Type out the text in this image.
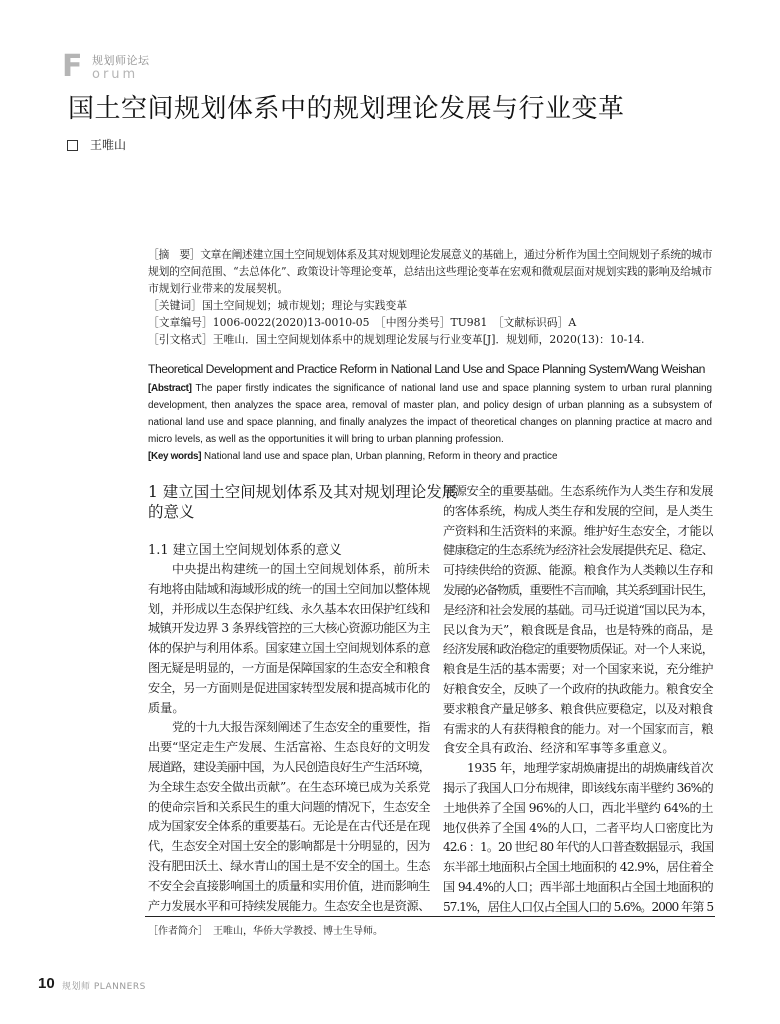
F 规划师论坛
orum
国土空间规划体系中的规划理论发展与行业变革
王唯山
［摘　要］文章在阐述建立国土空间规划体系及其对规划理论发展意义的基础上，通过分析作为国土空间规划子系统的城市
规划的空间范围、“去总体化”、政策设计等理论变革，总结出这些理论变革在宏观和微观层面对规划实践的影响及给城市
市规划行业带来的发展契机。
［关键词］国土空间规划；城市规划；理论与实践变革
［文章编号］1006-0022(2020)13-0010-05　［中图分类号］TU981　［文献标识码］A
［引文格式］王唯山．国土空间规划体系中的规划理论发展与行业变革[J]．规划师，2020(13)：10-14.
Theoretical Development and Practice Reform in National Land Use and Space Planning System/Wang Weishan
[Abstract] The paper firstly indicates the significance of national land use and space planning system to urban rural planning
development, then analyzes the space area, removal of master plan, and policy design of urban planning as a subsystem of
national land use and space planning, and finally analyzes the impact of theoretical changes on planning practice at macro and
micro levels, as well as the opportunities it will bring to urban planning profession.
[Key words] National land use and space plan, Urban planning, Reform in theory and practice
1 建立国土空间规划体系及其对规划理论发展
的意义
1.1 建立国土空间规划体系的意义
中央提出构建统一的国土空间规划体系，前所未
有地将由陆域和海域形成的统一的国土空间加以整体规
划，并形成以生态保护红线、永久基本农田保护红线和
城镇开发边界 3 条界线管控的三大核心资源功能区为主
体的保护与利用体系。国家建立国土空间规划体系的意
图无疑是明显的，一方面是保障国家的生态安全和粮食
安全，另一方面则是促进国家转型发展和提高城市化的
质量。
党的十九大报告深刻阐述了生态安全的重要性，指
出要“坚定走生产发展、生活富裕、生态良好的文明发
展道路，建设美丽中国，为人民创造良好生产生活环境，
为全球生态安全做出贡献”。在生态环境已成为关系党
的使命宗旨和关系民生的重大问题的情况下，生态安全
成为国家安全体系的重要基石。无论是在古代还是在现
代，生态安全对国土安全的影响都是十分明显的，因为
没有肥田沃土、绿水青山的国土是不安全的国土。生态
不安全会直接影响国土的质量和实用价值，进而影响生
产力发展水平和可持续发展能力。生态安全也是资源、
能源安全的重要基础。生态系统作为人类生存和发展
的客体系统，构成人类生存和发展的空间，是人类生
产资料和生活资料的来源。维护好生态安全，才能以
健康稳定的生态系统为经济社会发展提供充足、稳定、
可持续供给的资源、能源。粮食作为人类赖以生存和
发展的必备物质，重要性不言而喻，其关系到国计民生，
是经济和社会发展的基础。司马迁说道“国以民为本，
民以食为天”，粮食既是食品，也是特殊的商品，是
经济发展和政治稳定的重要物质保证。对一个人来说，
粮食是生活的基本需要；对一个国家来说，充分维护
好粮食安全，反映了一个政府的执政能力。粮食安全
要求粮食产量足够多、粮食供应要稳定，以及对粮食
有需求的人有获得粮食的能力。对一个国家而言，粮
食安全具有政治、经济和军事等多重意义。
1935 年，地理学家胡焕庸提出的胡焕庸线首次
揭示了我国人口分布规律，即该线东南半壁约 36%的
土地供养了全国 96%的人口，西北半壁约 64%的土
地仅供养了全国 4%的人口，二者平均人口密度比为
42.6 ：1。20 世纪 80 年代的人口普查数据显示，我国
东半部土地面积占全国土地面积的 42.9%，居住着全
国 94.4%的人口；西半部土地面积占全国土地面积的
57.1%，居住人口仅占全国人口的 5.6%。2000 年第 5
［作者简介］　王唯山，华侨大学教授、博士生导师。
10 规划师 PLANNERS
